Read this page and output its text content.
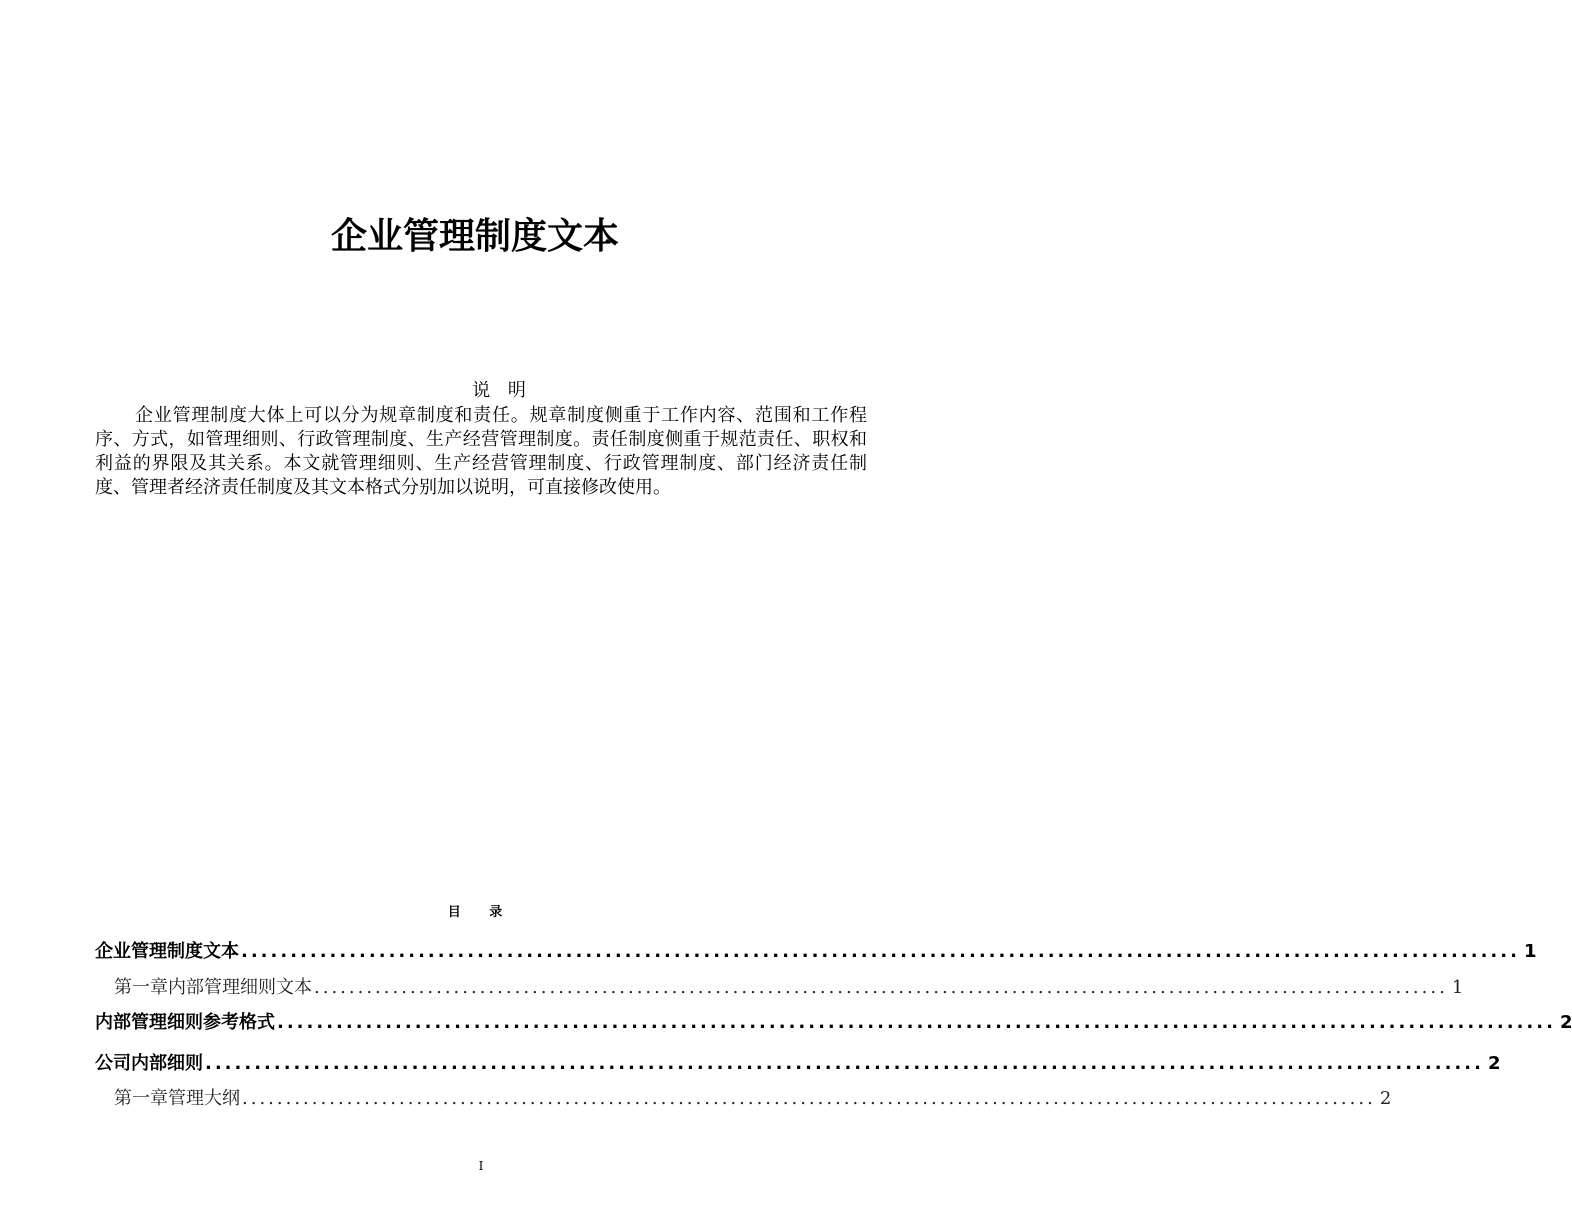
企业管理制度文本
说 明

企业管理制度大体上可以分为规章制度和责任。规章制度侧重于工作内容、范围和工作程序、方式，如管理细则、行政管理制度、生产经营管理制度。责任制度侧重于规范责任、职权和利益的界限及其关系。本文就管理细则、生产经营管理制度、行政管理制度、部门经济责任制度、管理者经济责任制度及其文本格式分别加以说明，可直接修改使用。

目 录
企业管理制度文本 .................................................................................................................................. 1
第一章 内部管理细则文本 .................................................................................................................................. 1
内部管理细则参考格式 .................................................................................................................................. 2
公司内部细则 .................................................................................................................................. 2
第一章 管理大纲 .................................................................................................................................. 2
I
